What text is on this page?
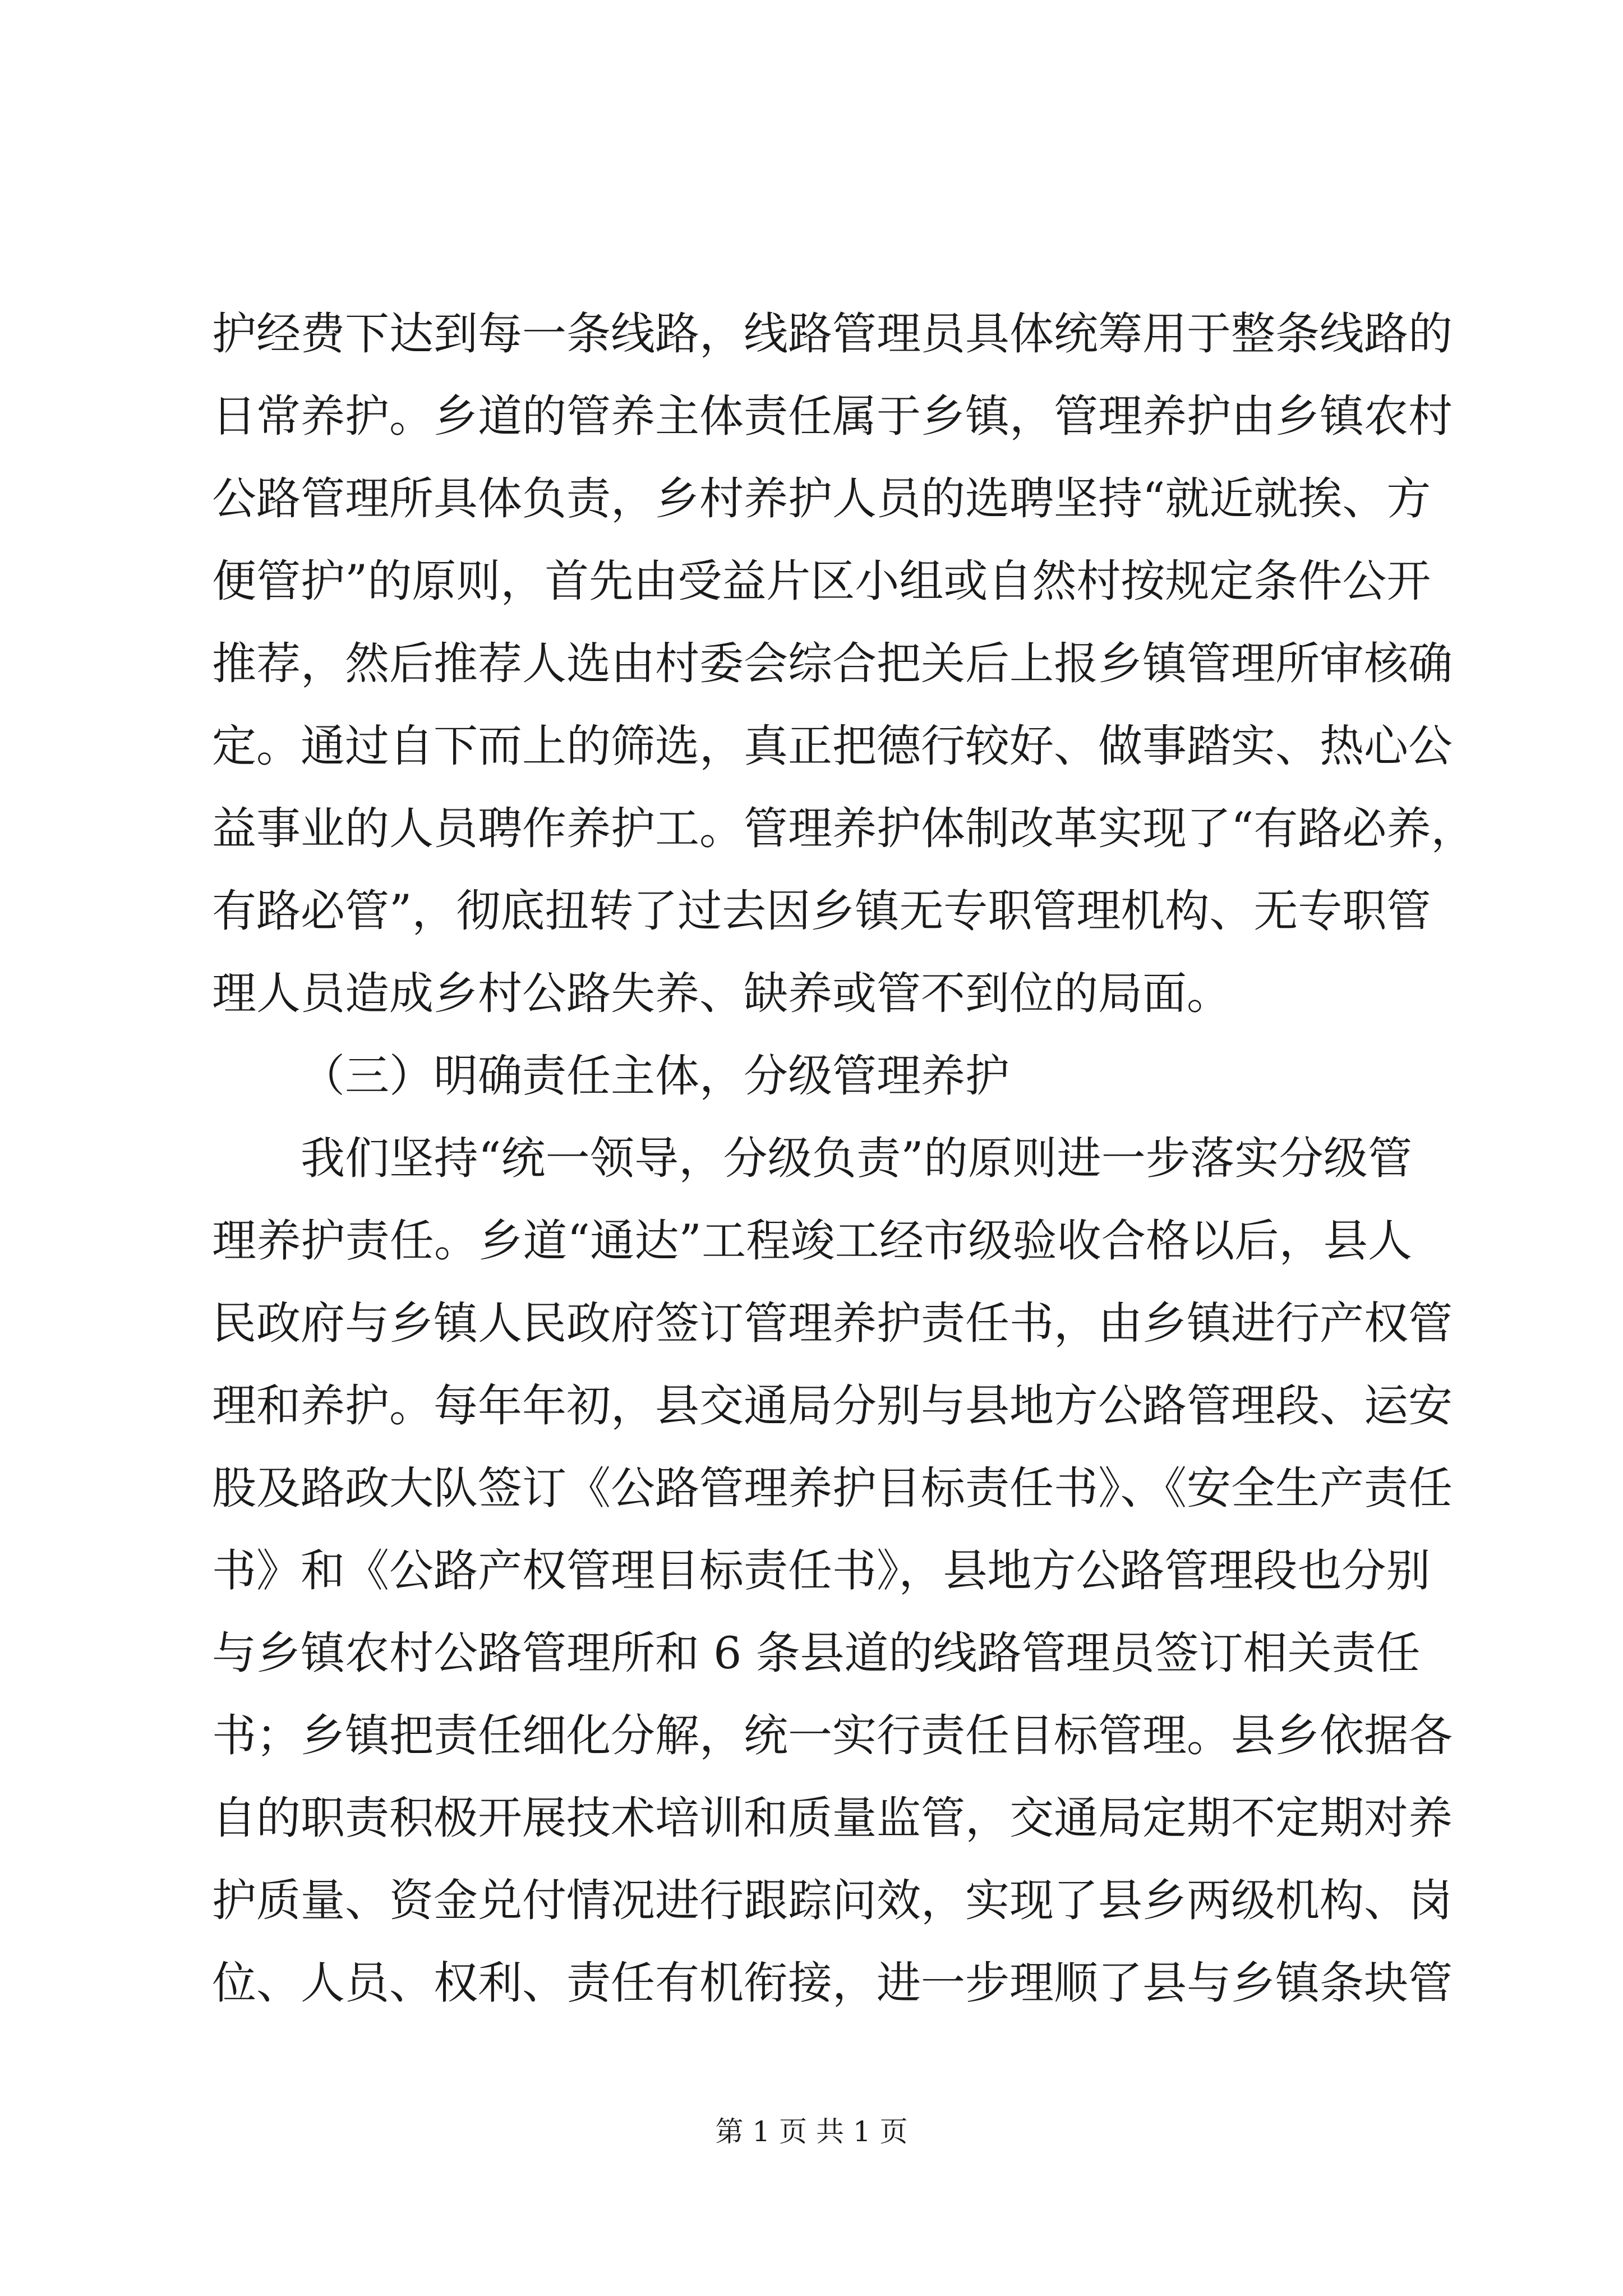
护经费下达到每一条线路，线路管理员具体统筹用于整条线路的
日常养护。乡道的管养主体责任属于乡镇，管理养护由乡镇农村
公路管理所具体负责，乡村养护人员的选聘坚持“就近就挨、方
便管护”的原则，首先由受益片区小组或自然村按规定条件公开
推荐，然后推荐人选由村委会综合把关后上报乡镇管理所审核确
定。通过自下而上的筛选，真正把德行较好、做事踏实、热心公
益事业的人员聘作养护工。管理养护体制改革实现了“有路必养，
有路必管”，彻底扭转了过去因乡镇无专职管理机构、无专职管
理人员造成乡村公路失养、缺养或管不到位的局面。
（三）明确责任主体，分级管理养护
我们坚持“统一领导，分级负责”的原则进一步落实分级管
理养护责任。乡道“通达”工程竣工经市级验收合格以后，县人
民政府与乡镇人民政府签订管理养护责任书，由乡镇进行产权管
理和养护。每年年初，县交通局分别与县地方公路管理段、运安
股及路政大队签订《公路管理养护目标责任书》、《安全生产责任
书》和《公路产权管理目标责任书》，县地方公路管理段也分别
与乡镇农村公路管理所和 6 条县道的线路管理员签订相关责任
书；乡镇把责任细化分解，统一实行责任目标管理。县乡依据各
自的职责积极开展技术培训和质量监管，交通局定期不定期对养
护质量、资金兑付情况进行跟踪问效，实现了县乡两级机构、岗
位、人员、权利、责任有机衔接，进一步理顺了县与乡镇条块管
第 1 页 共 1 页
